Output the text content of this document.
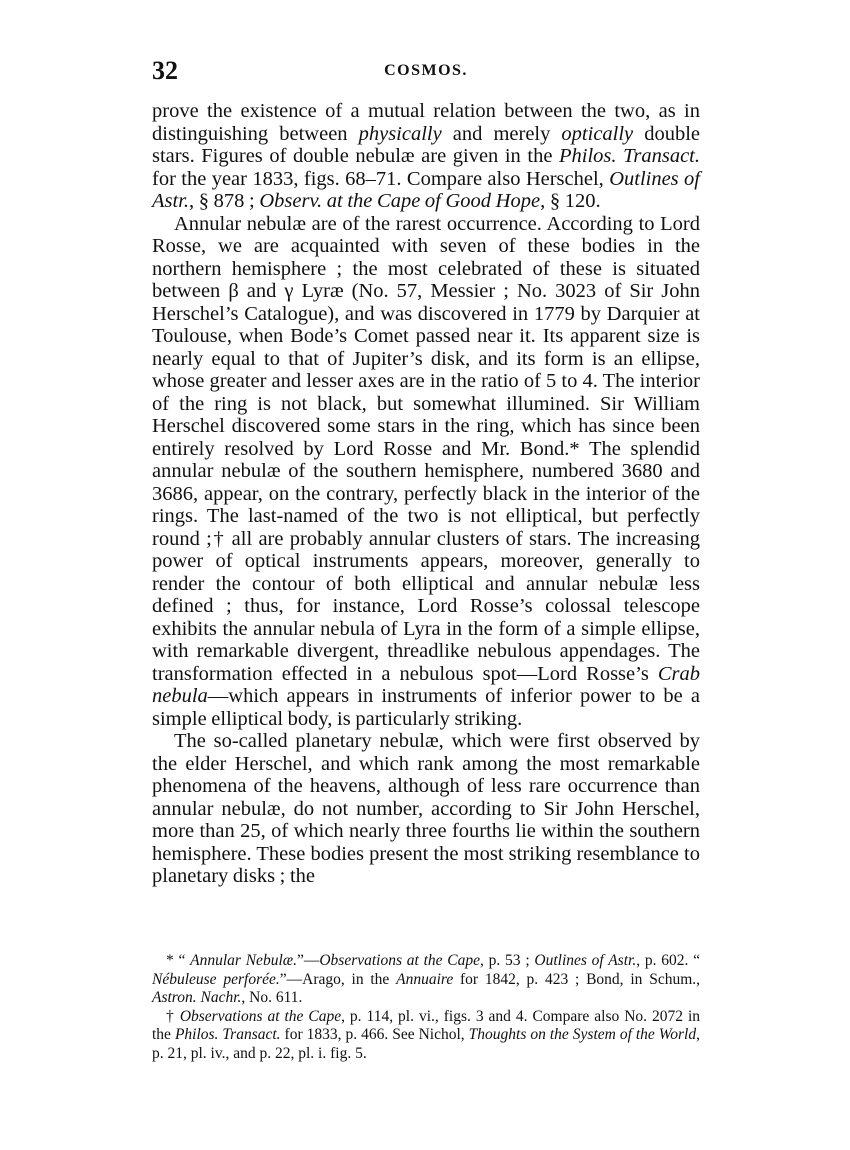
32	COSMOS.

prove the existence of a mutual relation between the two, as in distinguishing between physically and merely optically double stars. Figures of double nebulæ are given in the Philos. Transact. for the year 1833, figs. 68–71. Compare also Herschel, Outlines of Astr., § 878 ; Observ. at the Cape of Good Hope, § 120.

Annular nebulæ are of the rarest occurrence. According to Lord Rosse, we are acquainted with seven of these bodies in the northern hemisphere ; the most celebrated of these is situated between β and γ Lyræ (No. 57, Messier ; No. 3023 of Sir John Herschel’s Catalogue), and was discovered in 1779 by Darquier at Toulouse, when Bode’s Comet passed near it. Its apparent size is nearly equal to that of Jupiter’s disk, and its form is an ellipse, whose greater and lesser axes are in the ratio of 5 to 4. The interior of the ring is not black, but somewhat illumined. Sir William Herschel discovered some stars in the ring, which has since been entirely resolved by Lord Rosse and Mr. Bond.* The splendid annular nebulæ of the southern hemisphere, numbered 3680 and 3686, appear, on the contrary, perfectly black in the interior of the rings. The last-named of the two is not elliptical, but perfectly round ;† all are probably annular clusters of stars. The increasing power of optical instruments appears, moreover, generally to render the contour of both elliptical and annular nebulæ less defined ; thus, for instance, Lord Rosse’s colossal telescope exhibits the annular nebula of Lyra in the form of a simple ellipse, with remarkable divergent, threadlike nebulous appendages. The transformation effected in a nebulous spot—Lord Rosse’s Crab nebula—which appears in instruments of inferior power to be a simple elliptical body, is particularly striking.

The so-called planetary nebulæ, which were first observed by the elder Herschel, and which rank among the most remarkable phenomena of the heavens, although of less rare occurrence than annular nebulæ, do not number, according to Sir John Herschel, more than 25, of which nearly three fourths lie within the southern hemisphere. These bodies present the most striking resemblance to planetary disks ; the

* “ Annular Nebulæ.”—Observations at the Cape, p. 53 ; Outlines of Astr., p. 602. “ Nébuleuse perforée.”—Arago, in the Annuaire for 1842, p. 423 ; Bond, in Schum., Astron. Nachr., No. 611.

† Observations at the Cape, p. 114, pl. vi., figs. 3 and 4. Compare also No. 2072 in the Philos. Transact. for 1833, p. 466. See Nichol, Thoughts on the System of the World, p. 21, pl. iv., and p. 22, pl. i. fig. 5.
